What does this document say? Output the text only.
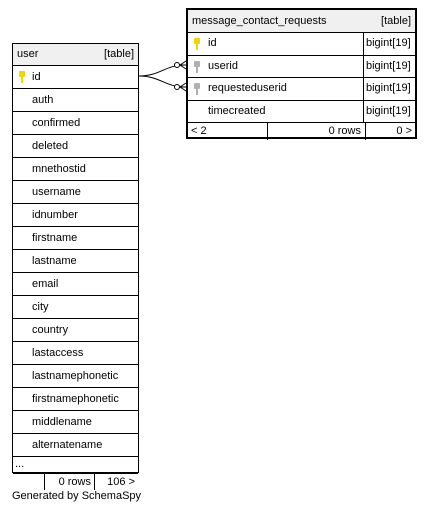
user	[table]
id
auth
confirmed
deleted
mnethostid
username
idnumber
firstname
lastname
email
city
country
lastaccess
lastnamephonetic
firstnamephonetic
middlename
alternatename
...
0 rows	106 >
message_contact_requests	[table]
id	bigint[19]
userid	bigint[19]
requesteduserid	bigint[19]
timecreated	bigint[19]
< 2	0 rows	0 >
Generated by SchemaSpy
